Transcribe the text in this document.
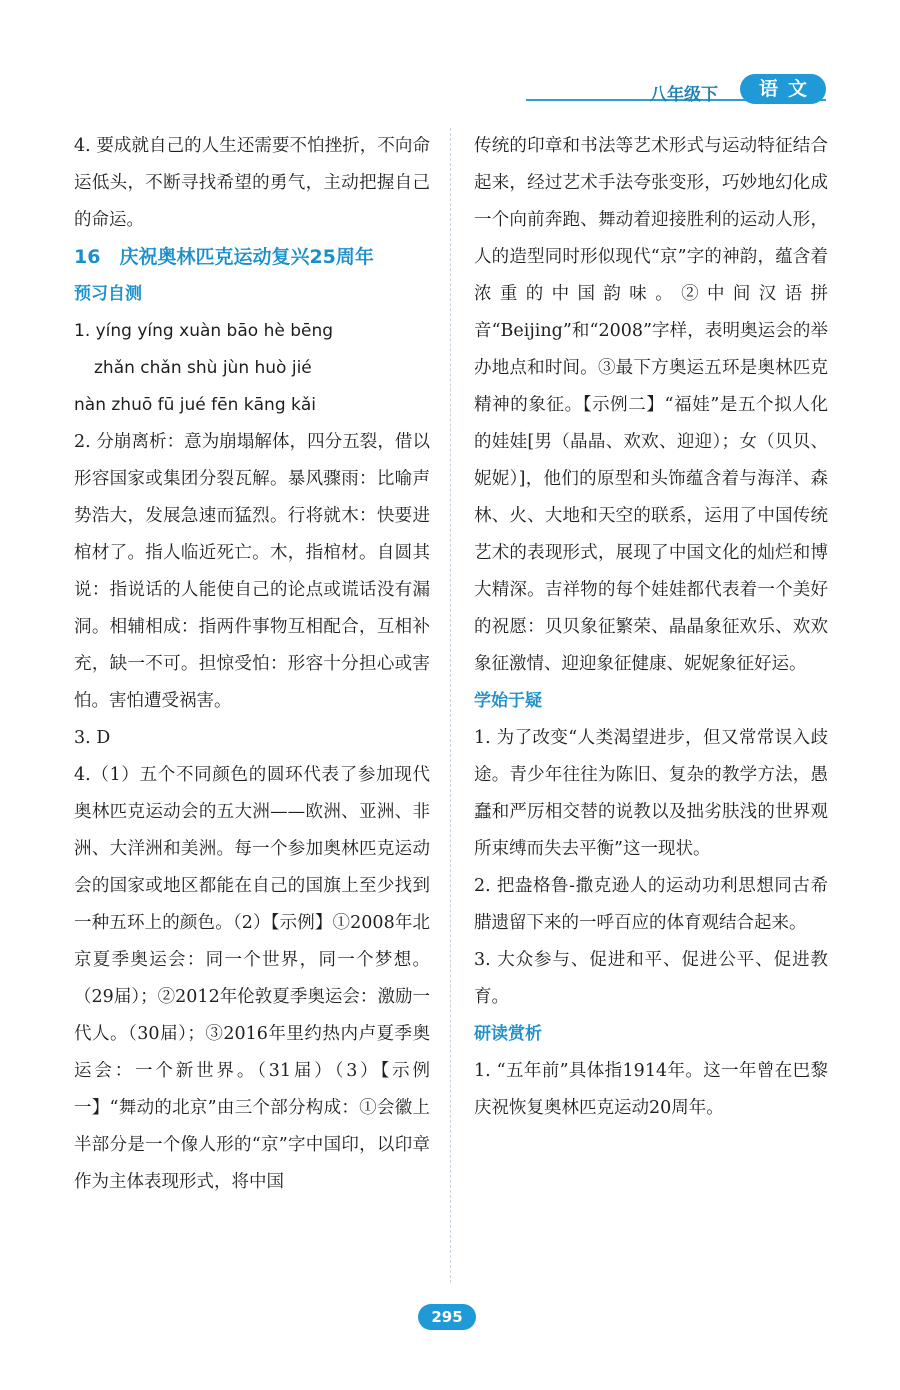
八年级下	语文

4. 要成就自己的人生还需要不怕挫折，不向命运低头，不断寻找希望的勇气，主动把握自己的命运。

16　庆祝奥林匹克运动复兴25周年

预习自测

1. yíng yíng xuàn bāo hè bēng

zhǎn chǎn shù jùn huò jié

nàn zhuō fū jué fēn kāng kǎi

2. 分崩离析：意为崩塌解体，四分五裂，借以形容国家或集团分裂瓦解。暴风骤雨：比喻声势浩大，发展急速而猛烈。行将就木：快要进棺材了。指人临近死亡。木，指棺材。自圆其说：指说话的人能使自己的论点或谎话没有漏洞。相辅相成：指两件事物互相配合，互相补充，缺一不可。担惊受怕：形容十分担心或害怕。害怕遭受祸害。

3. D

4.（1）五个不同颜色的圆环代表了参加现代奥林匹克运动会的五大洲——欧洲、亚洲、非洲、大洋洲和美洲。每一个参加奥林匹克运动会的国家或地区都能在自己的国旗上至少找到一种五环上的颜色。（2）【示例】①2008年北京夏季奥运会：同一个世界，同一个梦想。（29届）；②2012年伦敦夏季奥运会：激励一代人。（30届）；③2016年里约热内卢夏季奥运会：一个新世界。（31届）（3）【示例一】“舞动的北京”由三个部分构成：①会徽上半部分是一个像人形的“京”字中国印，以印章作为主体表现形式，将中国

传统的印章和书法等艺术形式与运动特征结合起来，经过艺术手法夸张变形，巧妙地幻化成一个向前奔跑、舞动着迎接胜利的运动人形，人的造型同时形似现代“京”字的神韵，蕴含着浓重的中国韵味。②中间汉语拼音“Beijing”和“2008”字样，表明奥运会的举办地点和时间。③最下方奥运五环是奥林匹克精神的象征。【示例二】“福娃”是五个拟人化的娃娃[男（晶晶、欢欢、迎迎）；女（贝贝、妮妮）]，他们的原型和头饰蕴含着与海洋、森林、火、大地和天空的联系，运用了中国传统艺术的表现形式，展现了中国文化的灿烂和博大精深。吉祥物的每个娃娃都代表着一个美好的祝愿：贝贝象征繁荣、晶晶象征欢乐、欢欢象征激情、迎迎象征健康、妮妮象征好运。

学始于疑

1. 为了改变“人类渴望进步，但又常常误入歧途。青少年往往为陈旧、复杂的教学方法，愚蠢和严厉相交替的说教以及拙劣肤浅的世界观所束缚而失去平衡”这一现状。

2. 把盎格鲁-撒克逊人的运动功利思想同古希腊遗留下来的一呼百应的体育观结合起来。

3. 大众参与、促进和平、促进公平、促进教育。

研读赏析

1. “五年前”具体指1914年。这一年曾在巴黎庆祝恢复奥林匹克运动20周年。

295
